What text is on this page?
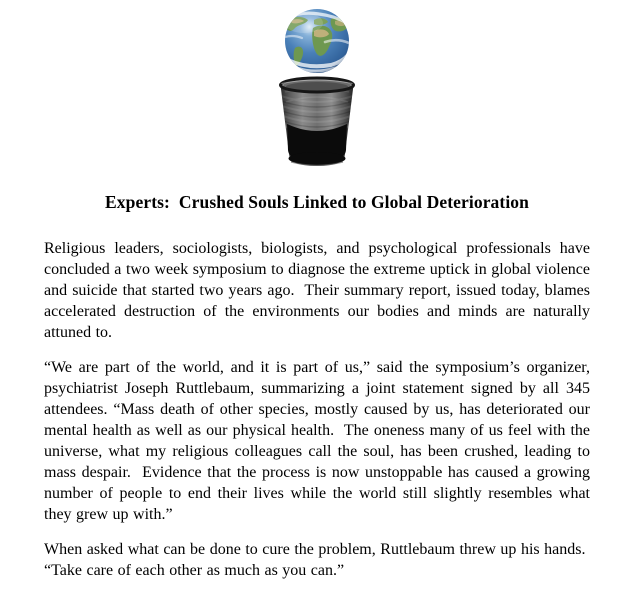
Experts:  Crushed Souls Linked to Global Deterioration

Religious leaders, sociologists, biologists, and psychological professionals have concluded a two week symposium to diagnose the extreme uptick in global violence and suicide that started two years ago.  Their summary report, issued today, blames accelerated destruction of the environments our bodies and minds are naturally attuned to.

“We are part of the world, and it is part of us,” said the symposium’s organizer, psychiatrist Joseph Ruttlebaum, summarizing a joint statement signed by all 345 attendees. “Mass death of other species, mostly caused by us, has deteriorated our mental health as well as our physical health.  The oneness many of us feel with the universe, what my religious colleagues call the soul, has been crushed, leading to mass despair.  Evidence that the process is now unstoppable has caused a growing number of people to end their lives while the world still slightly resembles what they grew up with.”

When asked what can be done to cure the problem, Ruttlebaum threw up his hands.  “Take care of each other as much as you can.”
